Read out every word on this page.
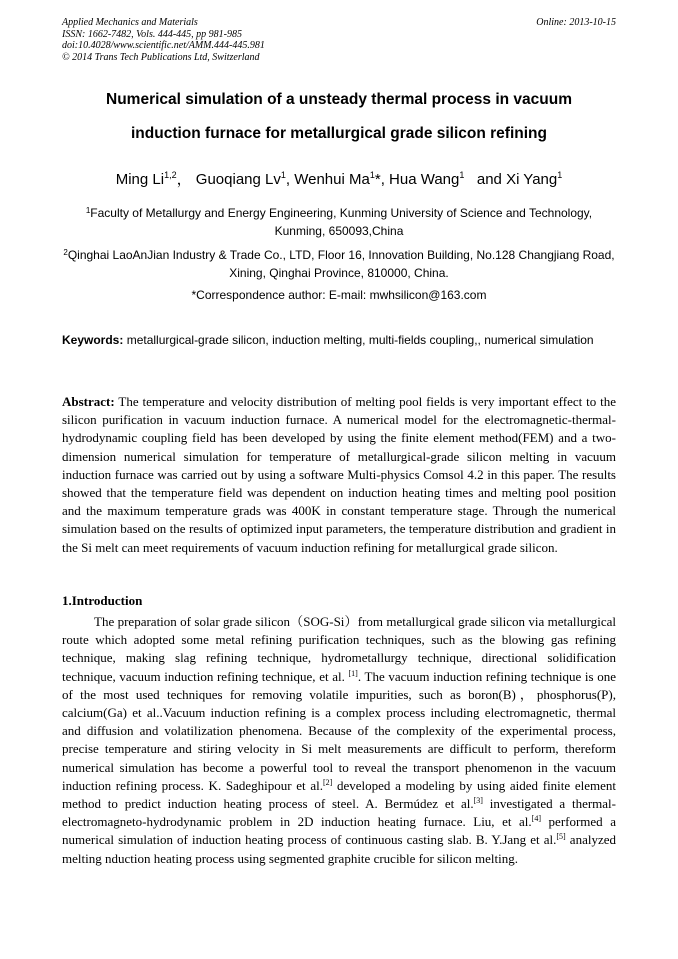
Applied Mechanics and Materials
ISSN: 1662-7482, Vols. 444-445, pp 981-985
doi:10.4028/www.scientific.net/AMM.444-445.981
© 2014 Trans Tech Publications Ltd, Switzerland
Online: 2013-10-15
Numerical simulation of a unsteady thermal process in vacuum
induction furnace for metallurgical grade silicon refining
Ming Li$^{1,2}$， Guoqiang Lv$^1$, Wenhui Ma$^1$*, Hua Wang$^1$ and Xi Yang$^1$
$^1$Faculty of Metallurgy and Energy Engineering, Kunming University of Science and Technology, Kunming, 650093,China
$^2$Qinghai LaoAnJian Industry & Trade Co., LTD, Floor 16, Innovation Building, No.128 Changjiang Road, Xining, Qinghai Province, 810000, China.
*Correspondence author: E-mail: mwhsilicon@163.com
Keywords: metallurgical-grade silicon, induction melting, multi-fields coupling,, numerical simulation
Abstract: The temperature and velocity distribution of melting pool fields is very important effect to the silicon purification in vacuum induction furnace. A numerical model for the electromagnetic-thermal-hydrodynamic coupling field has been developed by using the finite element method(FEM) and a two-dimension numerical simulation for temperature of metallurgical-grade silicon melting in vacuum induction furnace was carried out by using a software Multi-physics Comsol 4.2 in this paper. The results showed that the temperature field was dependent on induction heating times and melting pool position and the maximum temperature grads was 400K in constant temperature stage. Through the numerical simulation based on the results of optimized input parameters, the temperature distribution and gradient in the Si melt can meet requirements of vacuum induction refining for metallurgical grade silicon.
1.Introduction

The preparation of solar grade silicon（SOG-Si）from metallurgical grade silicon via metallurgical route which adopted some metal refining purification techniques, such as the blowing gas refining technique, making slag refining technique, hydrometallurgy technique, directional solidification technique, vacuum induction refining technique, et al. [1]. The vacuum induction refining technique is one of the most used techniques for removing volatile impurities, such as boron(B)，phosphorus(P), calcium(Ga) et al..Vacuum induction refining is a complex process including electromagnetic, thermal and diffusion and volatilization phenomena. Because of the complexity of the experimental process, precise temperature and stiring velocity in Si melt measurements are difficult to perform, thereform numerical simulation has become a powerful tool to reveal the transport phenomenon in the vacuum induction refining process. K. Sadeghipour et al.[2] developed a modeling by using aided finite element method to predict induction heating process of steel. A. Bermúdez et al.[3] investigated a thermal-electromagneto-hydrodynamic problem in 2D induction heating furnace. Liu, et al.[4] performed a numerical simulation of induction heating process of continuous casting slab. B. Y.Jang et al.[5] analyzed melting nduction heating process using segmented graphite crucible for silicon melting.
